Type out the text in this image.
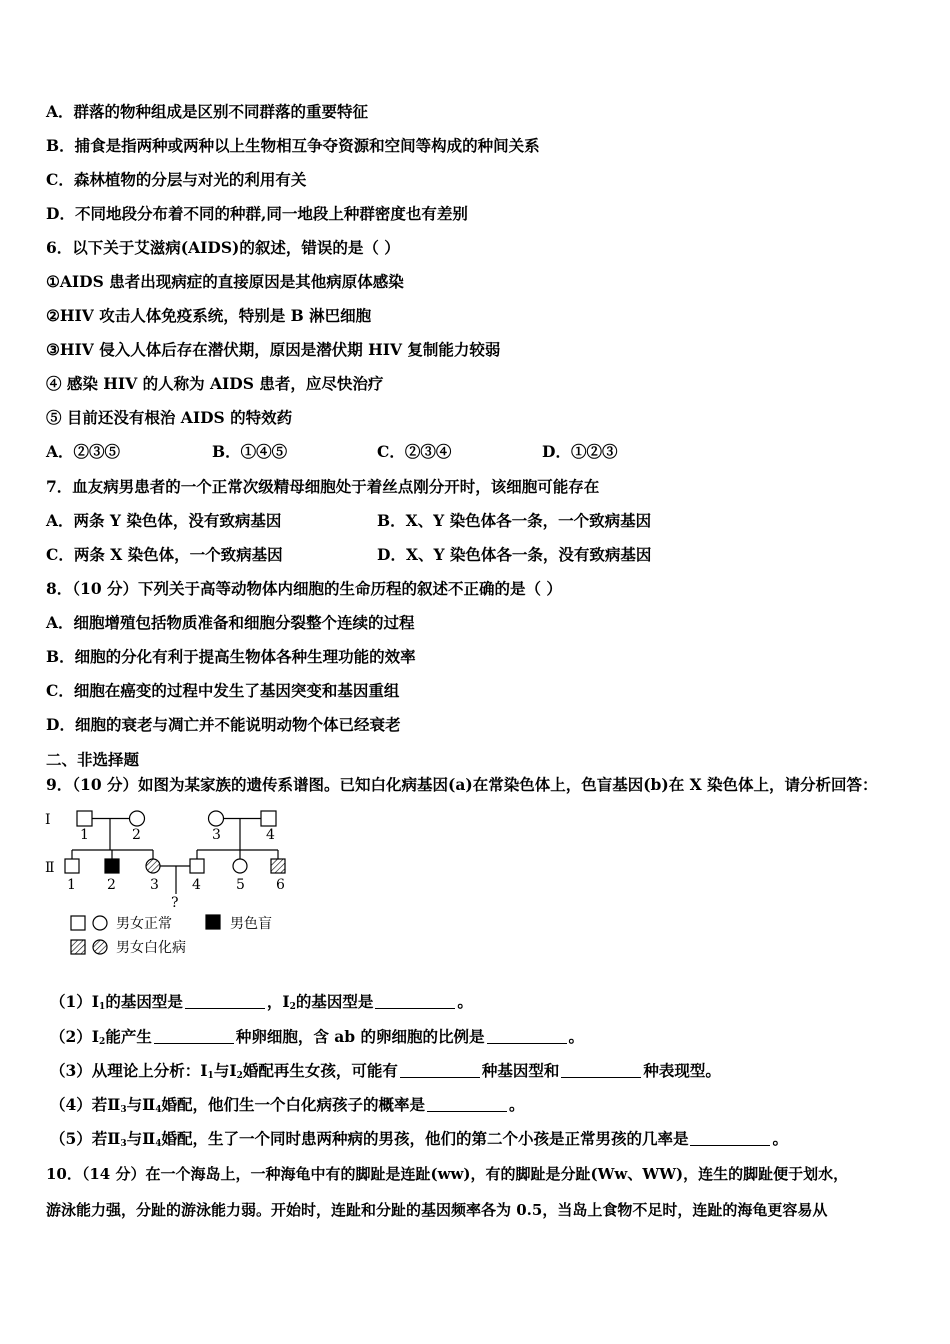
A．群落的物种组成是区别不同群落的重要特征
B．捕食是指两种或两种以上生物相互争夺资源和空间等构成的种间关系
C．森林植物的分层与对光的利用有关
D．不同地段分布着不同的种群,同一地段上种群密度也有差别
6．以下关于艾滋病(AIDS)的叙述，错误的是（ ）
①AIDS 患者出现病症的直接原因是其他病原体感染
②HIV 攻击人体免疫系统，特别是 B 淋巴细胞
③HIV 侵入人体后存在潜伏期，原因是潜伏期 HIV 复制能力较弱
④ 感染 HIV 的人称为 AIDS 患者，应尽快治疗
⑤ 目前还没有根治 AIDS 的特效药
A．②③⑤	B．①④⑤	C．②③④	D．①②③
7．血友病男患者的一个正常次级精母细胞处于着丝点刚分开时，该细胞可能存在
A．两条 Y 染色体，没有致病基因	B．X、Y 染色体各一条，一个致病基因
C．两条 X 染色体，一个致病基因	D．X、Y 染色体各一条，没有致病基因
8．（10 分）下列关于高等动物体内细胞的生命历程的叙述不正确的是（ ）
A．细胞增殖包括物质准备和细胞分裂整个连续的过程
B．细胞的分化有利于提高生物体各种生理功能的效率
C．细胞在癌变的过程中发生了基因突变和基因重组
D．细胞的衰老与凋亡并不能说明动物个体已经衰老
二、非选择题
9．（10 分）如图为某家族的遗传系谱图。已知白化病基因(a)在常染色体上，色盲基因(b)在 X 染色体上，请分析回答：
Ⅰ
Ⅱ
1	2	3	4
1 2 3 4	5 6
?
男女正常	男色盲
男女白化病
$(1)Ⅰ_1$的基因型是	，$Ⅰ_2$的基因型是	。
$(2)Ⅰ_2$能产生	种卵细胞，含 ab 的卵细胞的比例是	。
（3）从理论上分析：$Ⅰ_1$与$Ⅰ_2$婚配再生女孩，可能有	种基因型和	种表现型。
（4）若$Ⅱ_3$与$Ⅱ_4$婚配，他们生一个白化病孩子的概率是	。
（5）若$Ⅱ_3$与$Ⅱ_4$婚配，生了一个同时患两种病的男孩，他们的第二个小孩是正常男孩的几率是	。
10．（14 分）在一个海岛上，一种海龟中有的脚趾是连趾(ww)，有的脚趾是分趾(Ww、WW)，连生的脚趾便于划水，
游泳能力强，分趾的游泳能力弱。开始时，连趾和分趾的基因频率各为 0.5，当岛上食物不足时，连趾的海龟更容易从
